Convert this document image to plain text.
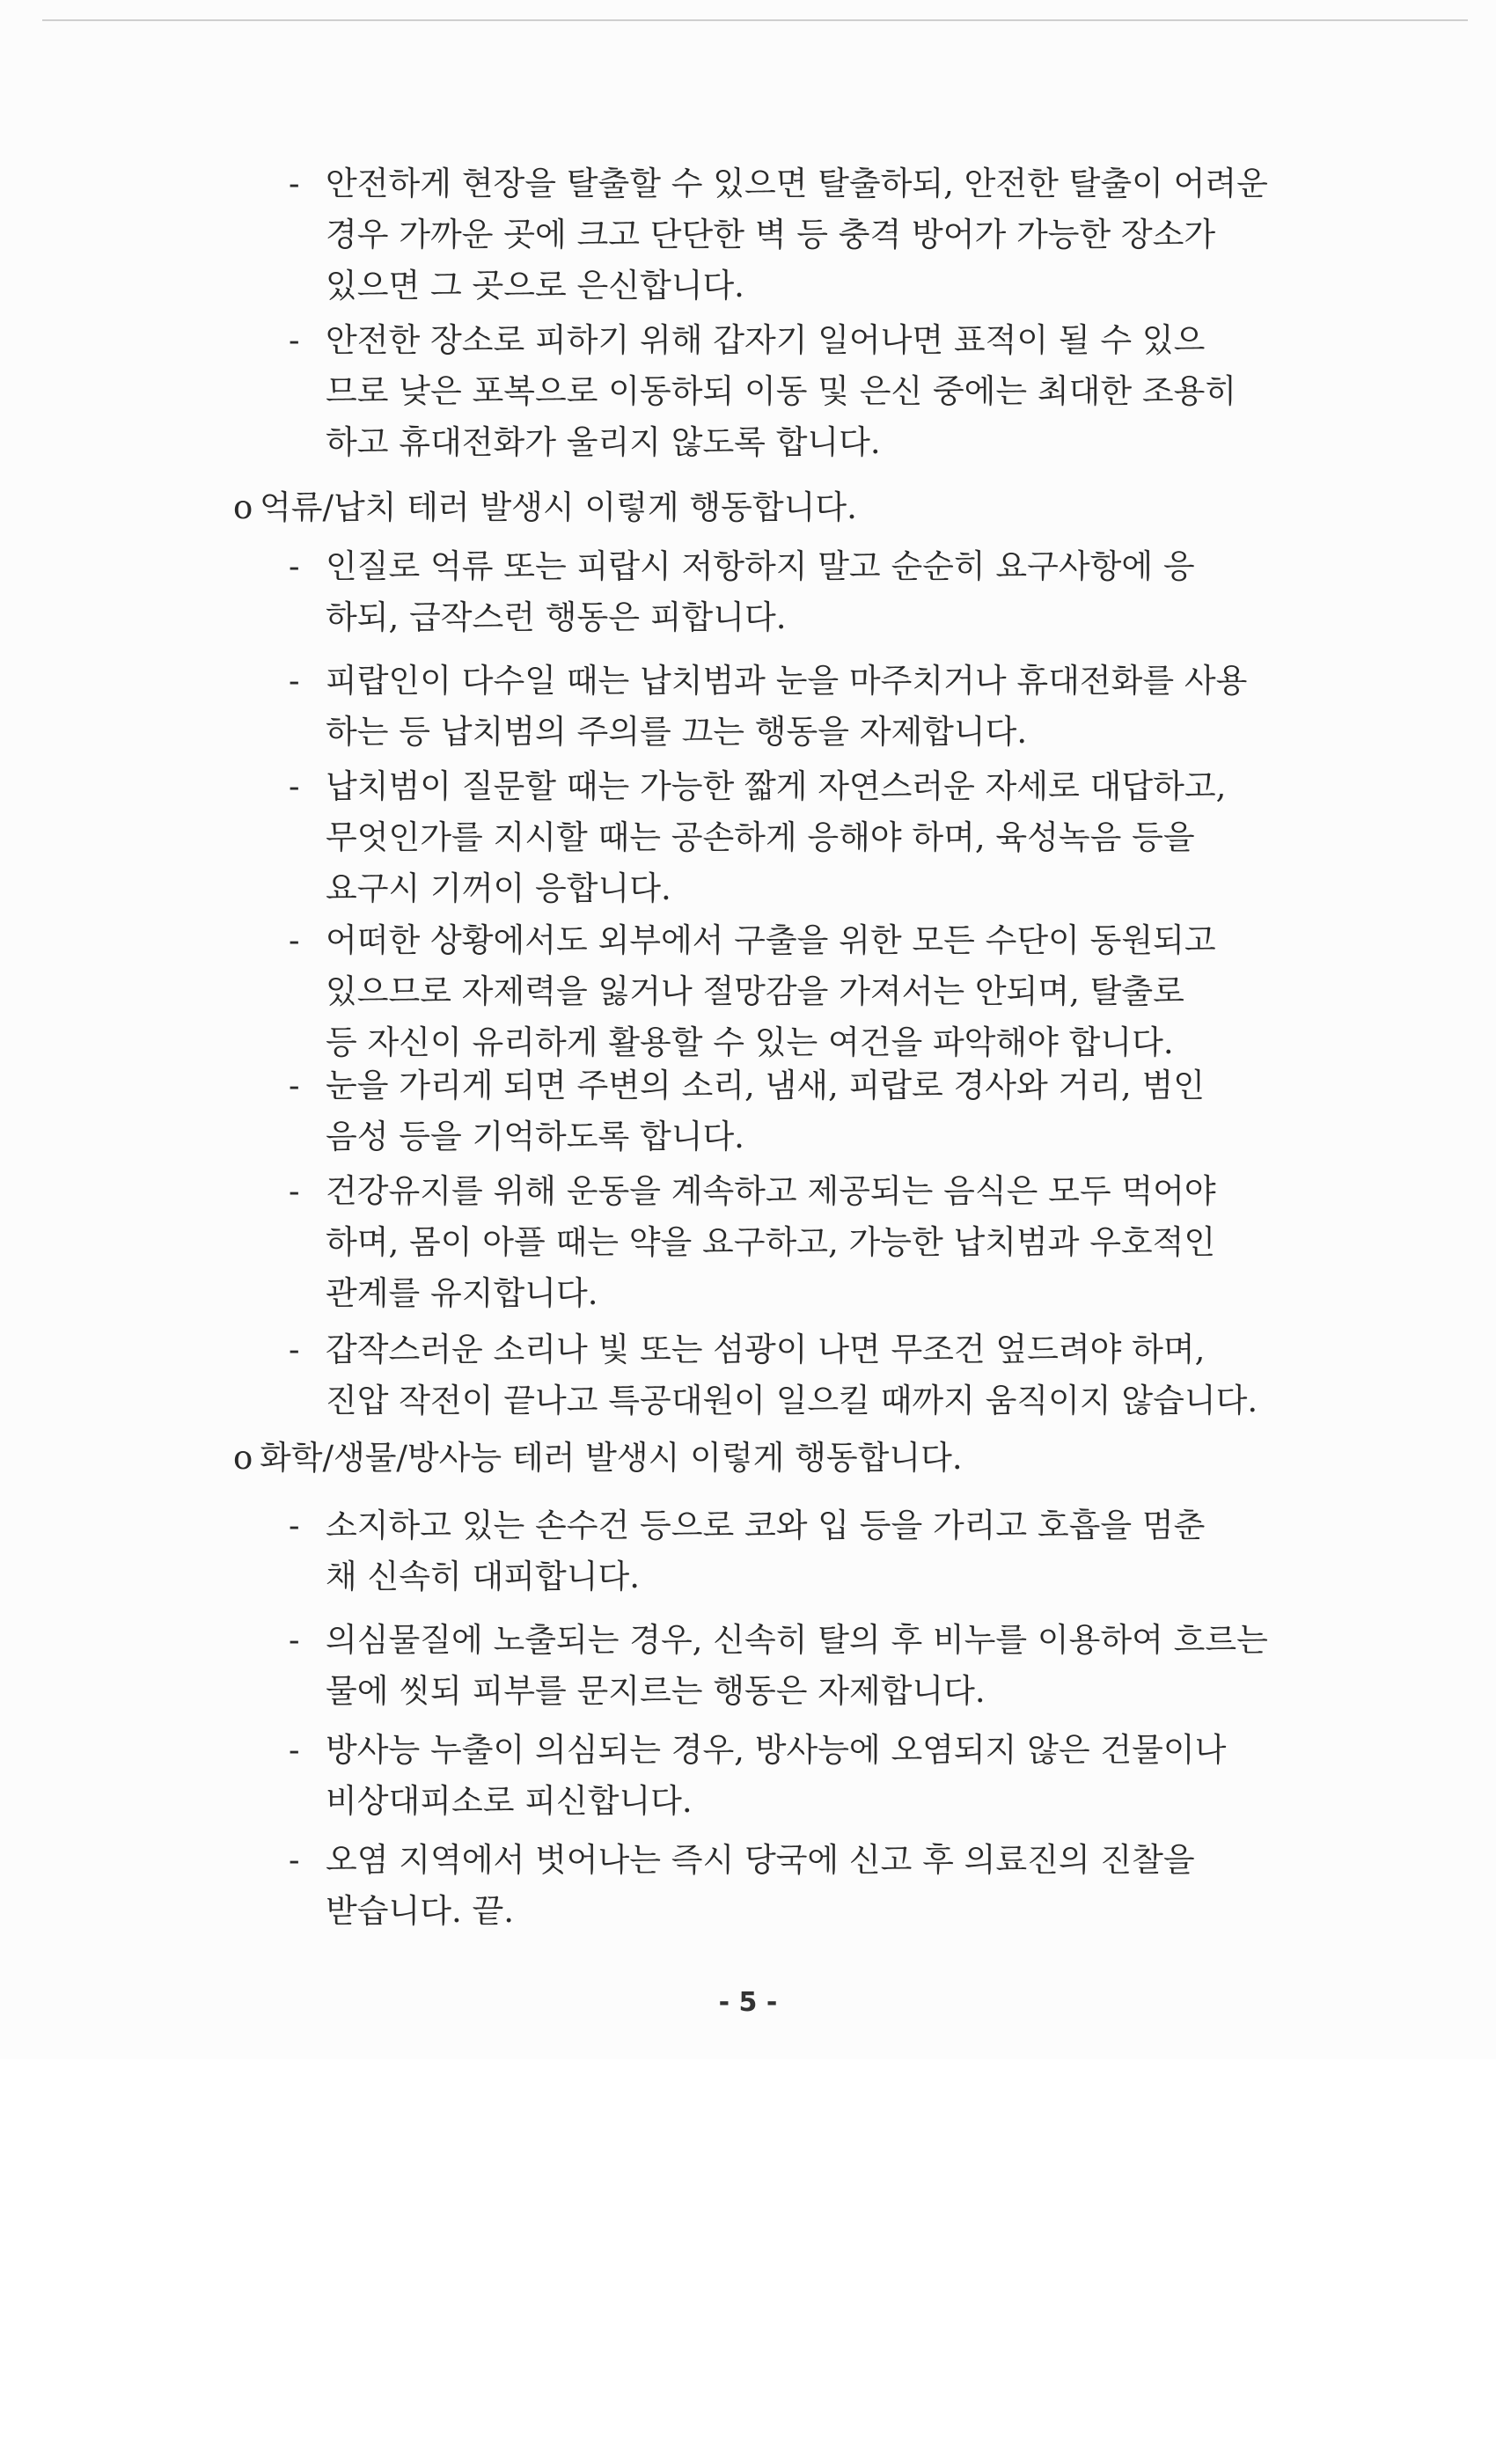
- 안전하게 현장을 탈출할 수 있으면 탈출하되, 안전한 탈출이 어려운
경우 가까운 곳에 크고 단단한 벽 등 충격 방어가 가능한 장소가
있으면 그 곳으로 은신합니다.
- 안전한 장소로 피하기 위해 갑자기 일어나면 표적이 될 수 있으
므로 낮은 포복으로 이동하되 이동 및 은신 중에는 최대한 조용히
하고 휴대전화가 울리지 않도록 합니다.
o 억류/납치 테러 발생시 이렇게 행동합니다.
- 인질로 억류 또는 피랍시 저항하지 말고 순순히 요구사항에 응
하되, 급작스런 행동은 피합니다.
- 피랍인이 다수일 때는 납치범과 눈을 마주치거나 휴대전화를 사용
하는 등 납치범의 주의를 끄는 행동을 자제합니다.
- 납치범이 질문할 때는 가능한 짧게 자연스러운 자세로 대답하고,
무엇인가를 지시할 때는 공손하게 응해야 하며, 육성녹음 등을
요구시 기꺼이 응합니다.
- 어떠한 상황에서도 외부에서 구출을 위한 모든 수단이 동원되고
있으므로 자제력을 잃거나 절망감을 가져서는 안되며, 탈출로
등 자신이 유리하게 활용할 수 있는 여건을 파악해야 합니다.
- 눈을 가리게 되면 주변의 소리, 냄새, 피랍로 경사와 거리, 범인
음성 등을 기억하도록 합니다.
- 건강유지를 위해 운동을 계속하고 제공되는 음식은 모두 먹어야
하며, 몸이 아플 때는 약을 요구하고, 가능한 납치범과 우호적인
관계를 유지합니다.
- 갑작스러운 소리나 빛 또는 섬광이 나면 무조건 엎드려야 하며,
진압 작전이 끝나고 특공대원이 일으킬 때까지 움직이지 않습니다.
o 화학/생물/방사능 테러 발생시 이렇게 행동합니다.
- 소지하고 있는 손수건 등으로 코와 입 등을 가리고 호흡을 멈춘
채 신속히 대피합니다.
- 의심물질에 노출되는 경우, 신속히 탈의 후 비누를 이용하여 흐르는
물에 씻되 피부를 문지르는 행동은 자제합니다.
- 방사능 누출이 의심되는 경우, 방사능에 오염되지 않은 건물이나
비상대피소로 피신합니다.
- 오염 지역에서 벗어나는 즉시 당국에 신고 후 의료진의 진찰을
받습니다. 끝.
- 5 -
